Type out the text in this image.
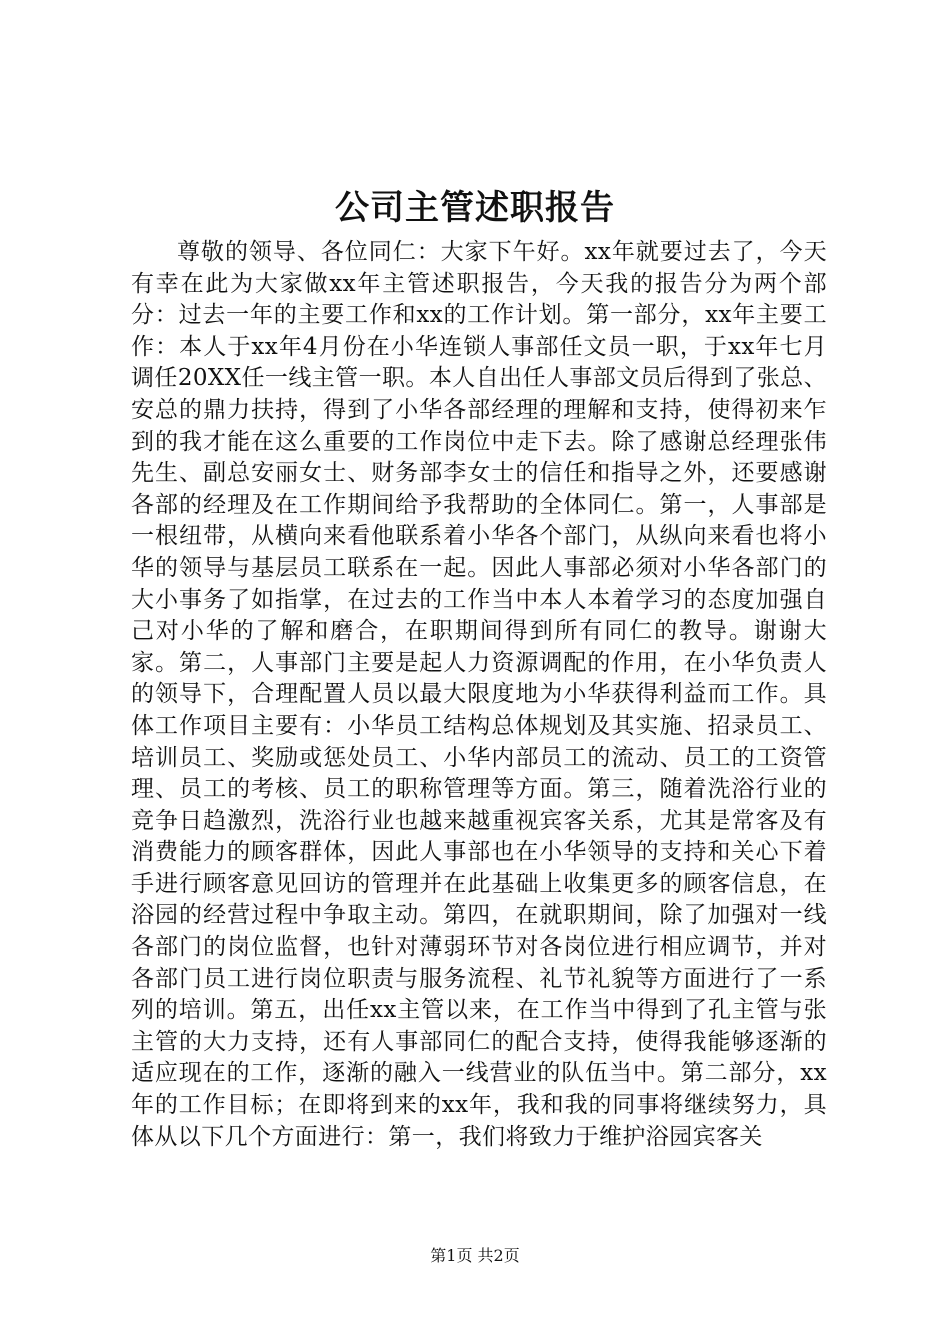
公司主管述职报告

尊敬的领导、各位同仁：大家下午好。xx年就要过去了，今天有幸在此为大家做xx年主管述职报告，今天我的报告分为两个部分：过去一年的主要工作和xx的工作计划。第一部分，xx年主要工作：本人于xx年4月份在小华连锁人事部任文员一职，于xx年七月调任20XX任一线主管一职。本人自出任人事部文员后得到了张总、安总的鼎力扶持，得到了小华各部经理的理解和支持，使得初来乍到的我才能在这么重要的工作岗位中走下去。除了感谢总经理张伟先生、副总安丽女士、财务部李女士的信任和指导之外，还要感谢各部的经理及在工作期间给予我帮助的全体同仁。第一，人事部是一根纽带，从横向来看他联系着小华各个部门，从纵向来看也将小华的领导与基层员工联系在一起。因此人事部必须对小华各部门的大小事务了如指掌，在过去的工作当中本人本着学习的态度加强自己对小华的了解和磨合，在职期间得到所有同仁的教导。谢谢大家。第二，人事部门主要是起人力资源调配的作用，在小华负责人的领导下，合理配置人员以最大限度地为小华获得利益而工作。具体工作项目主要有：小华员工结构总体规划及其实施、招录员工、培训员工、奖励或惩处员工、小华内部员工的流动、员工的工资管理、员工的考核、员工的职称管理等方面。第三，随着洗浴行业的竞争日趋激烈，洗浴行业也越来越重视宾客关系，尤其是常客及有消费能力的顾客群体，因此人事部也在小华领导的支持和关心下着手进行顾客意见回访的管理并在此基础上收集更多的顾客信息，在浴园的经营过程中争取主动。第四，在就职期间，除了加强对一线各部门的岗位监督，也针对薄弱环节对各岗位进行相应调节，并对各部门员工进行岗位职责与服务流程、礼节礼貌等方面进行了一系列的培训。第五，出任xx主管以来，在工作当中得到了孔主管与张主管的大力支持，还有人事部同仁的配合支持，使得我能够逐渐的适应现在的工作，逐渐的融入一线营业的队伍当中。第二部分，xx年的工作目标；在即将到来的xx年，我和我的同事将继续努力，具体从以下几个方面进行：第一，我们将致力于维护浴园宾客关

第1页 共2页
